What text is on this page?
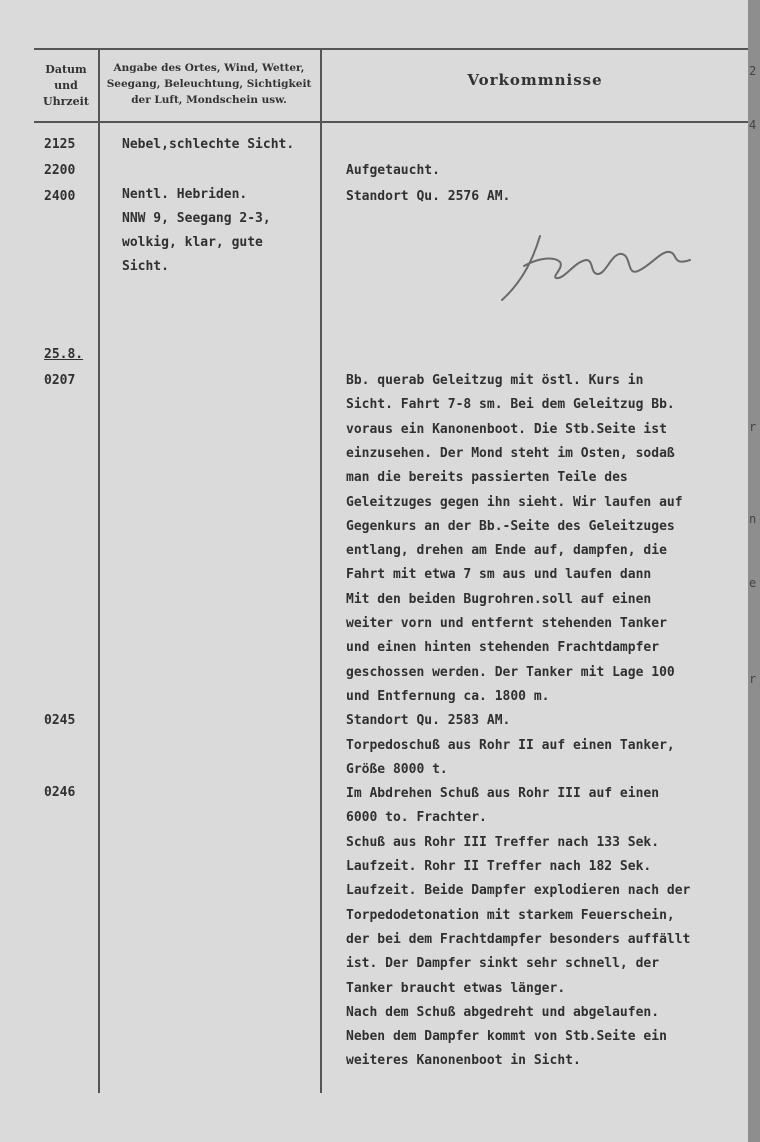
Datum und Uhrzeit
Angabe des Ortes, Wind, Wetter, Seegang, Beleuchtung, Sichtigkeit der Luft, Mondschein usw.
Vorkommnisse
2125
2200
2400
25.8.
0207
0245
0246
Nebel,schlechte Sicht.
Nentl. Hebriden.
NNW 9, Seegang 2-3,
wolkig, klar, gute
Sicht.
Aufgetaucht.
Standort Qu. 2576 AM.
Bb. querab Geleitzug mit östl. Kurs in
Sicht. Fahrt 7-8 sm. Bei dem Geleitzug Bb.
voraus ein Kanonenboot. Die Stb.Seite ist
einzusehen. Der Mond steht im Osten, sodaß
man die bereits passierten Teile des
Geleitzuges gegen ihn sieht. Wir laufen auf
Gegenkurs an der Bb.-Seite des Geleitzuges
entlang, drehen am Ende auf, dampfen, die
Fahrt mit etwa 7 sm aus und laufen dann
Mit den beiden Bugrohren.soll auf einen
weiter vorn und entfernt stehenden Tanker
und einen hinten stehenden Frachtdampfer
geschossen werden. Der Tanker mit Lage 100
und Entfernung ca. 1800 m.
Standort Qu. 2583 AM.
Torpedoschuß aus Rohr II auf einen Tanker,
Größe 8000 t.
Im Abdrehen Schuß aus Rohr III auf einen
6000 to. Frachter.
Schuß aus Rohr III Treffer nach 133 Sek.
Laufzeit. Rohr II Treffer nach 182 Sek.
Laufzeit. Beide Dampfer explodieren nach der
Torpedodetonation mit starkem Feuerschein,
der bei dem Frachtdampfer besonders auffällt
ist. Der Dampfer sinkt sehr schnell, der
Tanker braucht etwas länger.
Nach dem Schuß abgedreht und abgelaufen.
Neben dem Dampfer kommt von Stb.Seite ein
weiteres Kanonenboot in Sicht.
2
4
r
n
e
r
